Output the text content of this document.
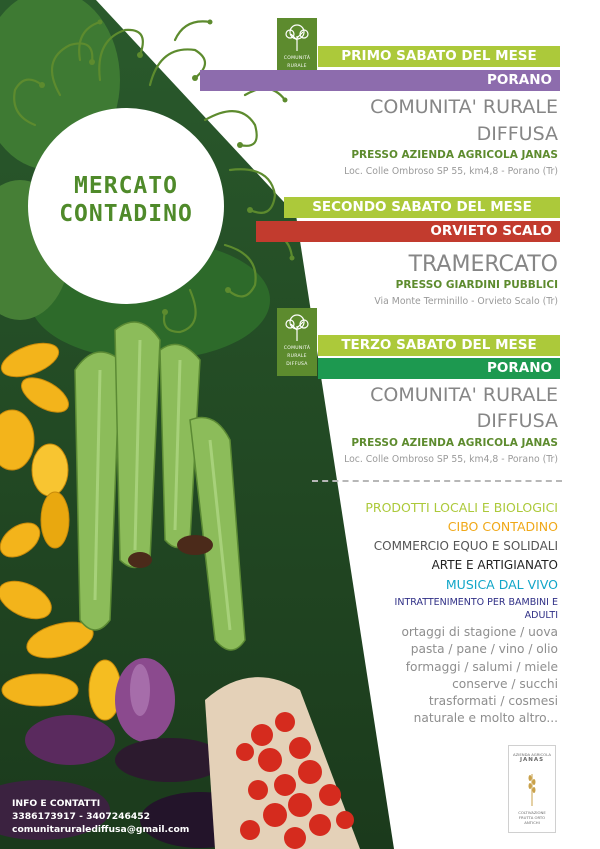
MERCATO
CONTADINO
COMUNITÀ
RURALE
PRIMO SABATO DEL MESE
PORANO
COMUNITA' RURALE
DIFFUSA
PRESSO AZIENDA AGRICOLA JANAS
Loc. Colle Ombroso SP 55, km4,8 - Porano (Tr)
SECONDO SABATO DEL MESE
ORVIETO SCALO
TRAMERCATO
PRESSO GIARDINI PUBBLICI
Via Monte Terminillo - Orvieto Scalo (Tr)
COMUNITÀ
RURALE
DIFFUSA
TERZO SABATO DEL MESE
PORANO
COMUNITA' RURALE
DIFFUSA
PRESSO AZIENDA AGRICOLA JANAS
Loc. Colle Ombroso SP 55, km4,8 - Porano (Tr)
PRODOTTI LOCALI E BIOLOGICI
CIBO CONTADINO
COMMERCIO EQUO E SOLIDALI
ARTE E ARTIGIANATO
MUSICA DAL VIVO
INTRATTENIMENTO PER BAMBINI E
ADULTI
ortaggi di stagione / uova
pasta / pane / vino / olio
formaggi / salumi / miele
conserve / succhi
trasformati / cosmesi
naturale e molto altro...
AZIENDA AGRICOLA
JANAS
COLTIVAZIONE
FRUTTA ORTO
ANTICHI
INFO E CONTATTI
3386173917 - 3407246452
comunitaruralediffusa@gmail.com
